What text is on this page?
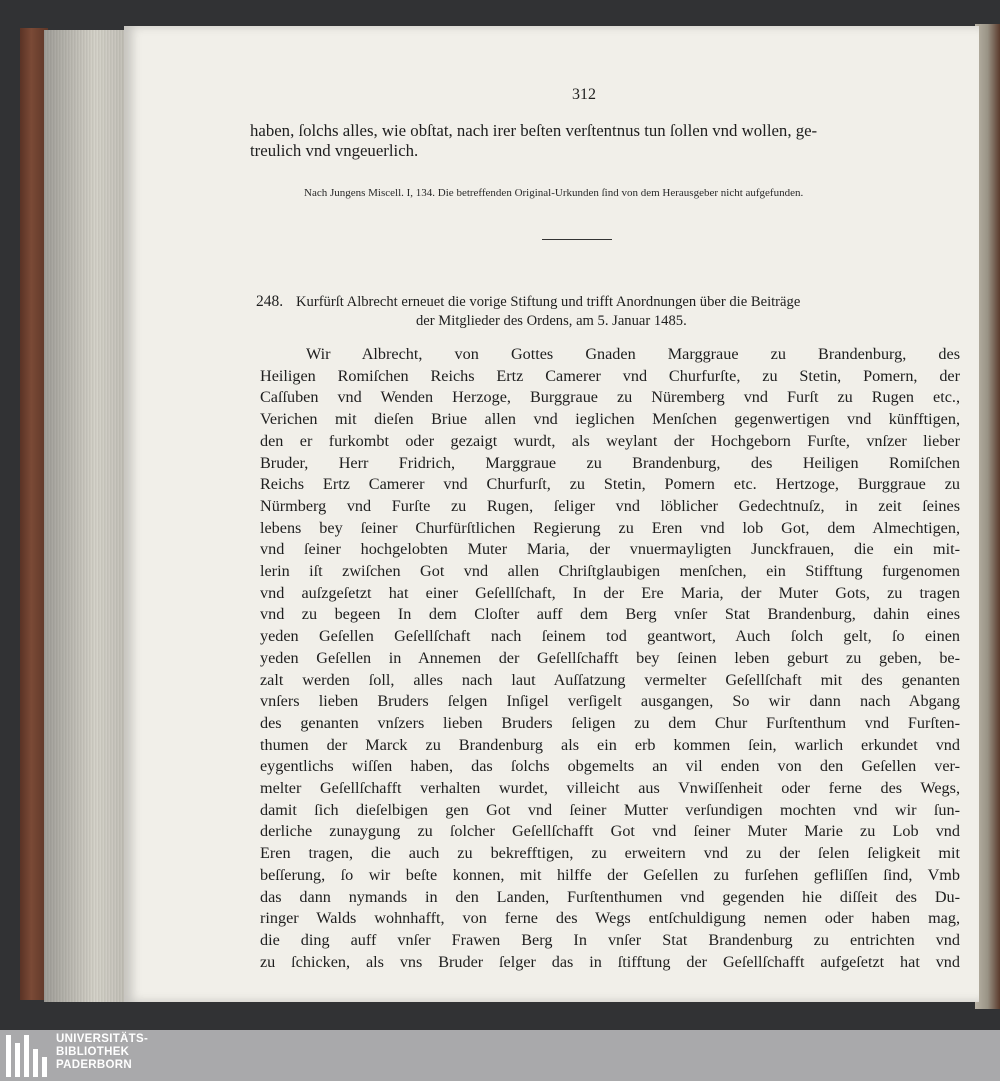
312
haben, ſolchs alles, wie obſtat, nach irer beſten verſtentnus tun ſollen vnd wollen, ge-
treulich vnd vngeuerlich.
Nach Jungens Miscell. I, 134. Die betreffenden Original-Urkunden ſind von dem Herausgeber nicht aufgefunden.
248. Kurfürſt Albrecht erneuet die vorige Stiftung und trifft Anordnungen über die Beiträge
der Mitglieder des Ordens, am 5. Januar 1485.
Wir Albrecht, von Gottes Gnaden Marggraue zu Brandenburg, des
Heiligen Romiſchen Reichs Ertz Camerer vnd Churfurſte, zu Stetin, Pomern, der
Caſſuben vnd Wenden Herzoge, Burggraue zu Nüremberg vnd Furſt zu Rugen etc.,
Verichen mit dieſen Briue allen vnd ieglichen Menſchen gegenwertigen vnd künfftigen,
den er furkombt oder gezaigt wurdt, als weylant der Hochgeborn Furſte, vnſzer lieber
Bruder, Herr Fridrich, Marggraue zu Brandenburg, des Heiligen Romiſchen
Reichs Ertz Camerer vnd Churfurſt, zu Stetin, Pomern etc. Hertzoge, Burggraue zu
Nürmberg vnd Furſte zu Rugen, ſeliger vnd löblicher Gedechtnuſz, in zeit ſeines
lebens bey ſeiner Churfürſtlichen Regierung zu Eren vnd lob Got, dem Almechtigen,
vnd ſeiner hochgelobten Muter Maria, der vnuermayligten Junckfrauen, die ein mit-
lerin iſt zwiſchen Got vnd allen Chriſtglaubigen menſchen, ein Stifftung furgenomen
vnd auſzgeſetzt hat einer Geſellſchaft, In der Ere Maria, der Muter Gots, zu tragen
vnd zu begeen In dem Cloſter auff dem Berg vnſer Stat Brandenburg, dahin eines
yeden Geſellen Geſellſchaft nach ſeinem tod geantwort, Auch ſolch gelt, ſo einen
yeden Geſellen in Annemen der Geſellſchafft bey ſeinen leben geburt zu geben, be-
zalt werden ſoll, alles nach laut Auſſatzung vermelter Geſellſchaft mit des genanten
vnſers lieben Bruders ſelgen Inſigel verſigelt ausgangen, So wir dann nach Abgang
des genanten vnſzers lieben Bruders ſeligen zu dem Chur Furſtenthum vnd Furſten-
thumen der Marck zu Brandenburg als ein erb kommen ſein, warlich erkundet vnd
eygentlichs wiſſen haben, das ſolchs obgemelts an vil enden von den Geſellen ver-
melter Geſellſchafft verhalten wurdet, villeicht aus Vnwiſſenheit oder ferne des Wegs,
damit ſich dieſelbigen gen Got vnd ſeiner Mutter verſundigen mochten vnd wir ſun-
derliche zunaygung zu ſolcher Geſellſchafft Got vnd ſeiner Muter Marie zu Lob vnd
Eren tragen, die auch zu bekrefftigen, zu erweitern vnd zu der ſelen ſeligkeit mit
beſſerung, ſo wir beſte konnen, mit hilffe der Geſellen zu furſehen gefliſſen ſind, Vmb
das dann nymands in den Landen, Furſtenthumen vnd gegenden hie diſſeit des Du-
ringer Walds wohnhafft, von ferne des Wegs entſchuldigung nemen oder haben mag,
die ding auff vnſer Frawen Berg In vnſer Stat Brandenburg zu entrichten vnd
zu ſchicken, als vns Bruder ſelger das in ſtifftung der Geſellſchafft aufgeſetzt hat vnd
UNIVERSITÄTS-
BIBLIOTHEK
PADERBORN
